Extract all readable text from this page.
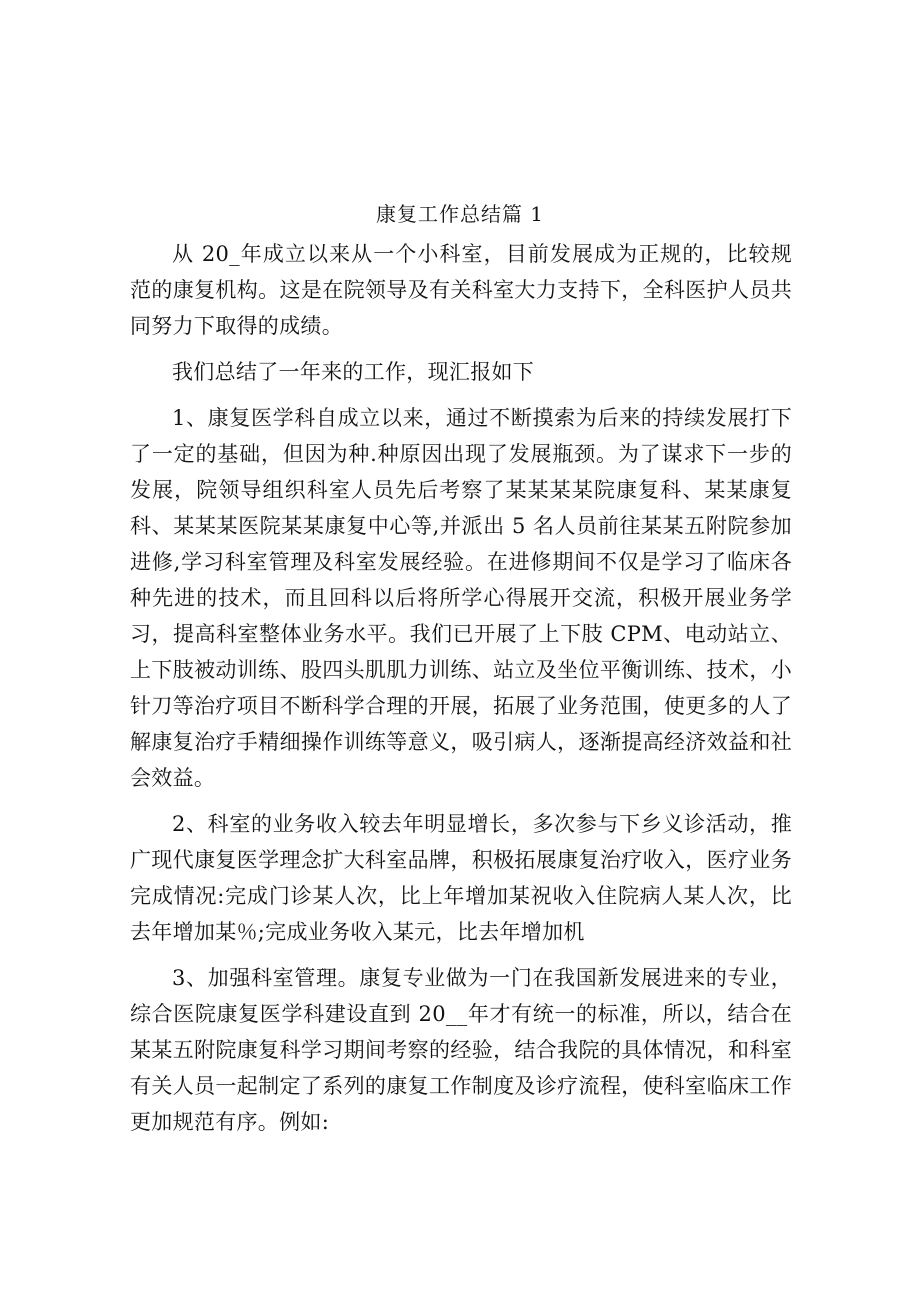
康复工作总结篇 1

从 20_年成立以来从一个小科室，目前发展成为正规的，比较规范的康复机构。这是在院领导及有关科室大力支持下，全科医护人员共同努力下取得的成绩。

我们总结了一年来的工作，现汇报如下

1、康复医学科自成立以来，通过不断摸索为后来的持续发展打下了一定的基础，但因为种.种原因出现了发展瓶颈。为了谋求下一步的发展，院领导组织科室人员先后考察了某某某某院康复科、某某康复科、某某某医院某某康复中心等,并派出 5 名人员前往某某五附院参加进修,学习科室管理及科室发展经验。在进修期间不仅是学习了临床各种先进的技术，而且回科以后将所学心得展开交流，积极开展业务学习，提高科室整体业务水平。我们已开展了上下肢 CPM、电动站立、上下肢被动训练、股四头肌肌力训练、站立及坐位平衡训练、技术，小针刀等治疗项目不断科学合理的开展，拓展了业务范围，使更多的人了解康复治疗手精细操作训练等意义，吸引病人，逐渐提高经济效益和社会效益。

2、科室的业务收入较去年明显增长，多次参与下乡义诊活动，推广现代康复医学理念扩大科室品牌，积极拓展康复治疗收入，医疗业务完成情况:完成门诊某人次，比上年增加某祝收入住院病人某人次，比去年增加某％;完成业务收入某元，比去年增加机

3、加强科室管理。康复专业做为一门在我国新发展进来的专业，综合医院康复医学科建设直到 20__年才有统一的标准，所以，结合在某某五附院康复科学习期间考察的经验，结合我院的具体情况，和科室有关人员一起制定了系列的康复工作制度及诊疗流程，使科室临床工作更加规范有序。例如:
